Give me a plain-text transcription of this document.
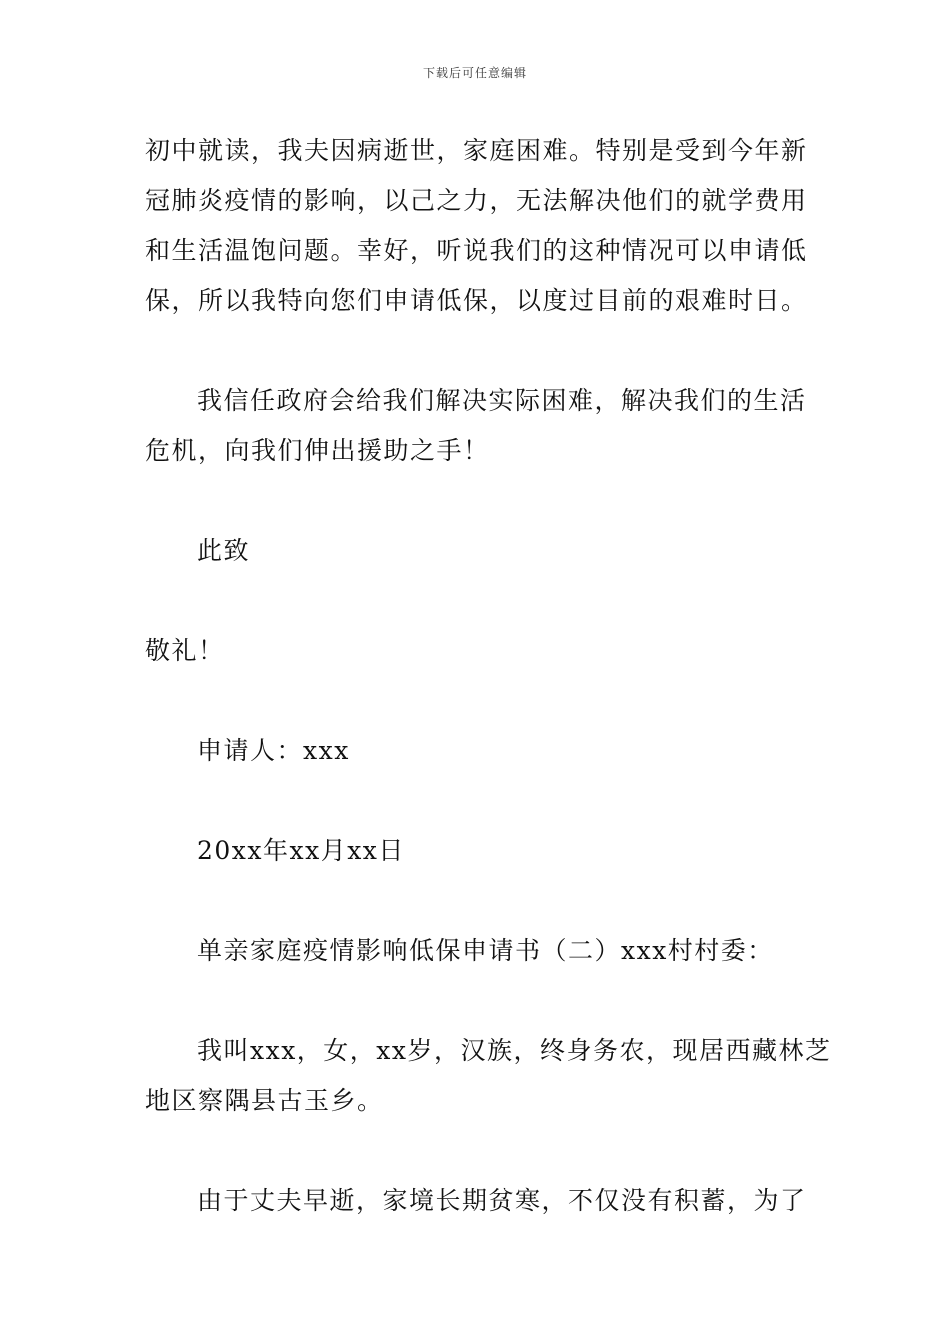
下载后可任意编辑
初中就读，我夫因病逝世，家庭困难。特别是受到今年新
冠肺炎疫情的影响，以己之力，无法解决他们的就学费用
和生活温饱问题。幸好，听说我们的这种情况可以申请低
保，所以我特向您们申请低保，以度过目前的艰难时日。
我信任政府会给我们解决实际困难，解决我们的生活
危机，向我们伸出援助之手！
此致
敬礼！
申请人：xxx
20xx年xx月xx日
单亲家庭疫情影响低保申请书（二）xxx村村委：
我叫xxx，女，xx岁，汉族，终身务农，现居西藏林芝
地区察隅县古玉乡。
由于丈夫早逝，家境长期贫寒，不仅没有积蓄，为了
